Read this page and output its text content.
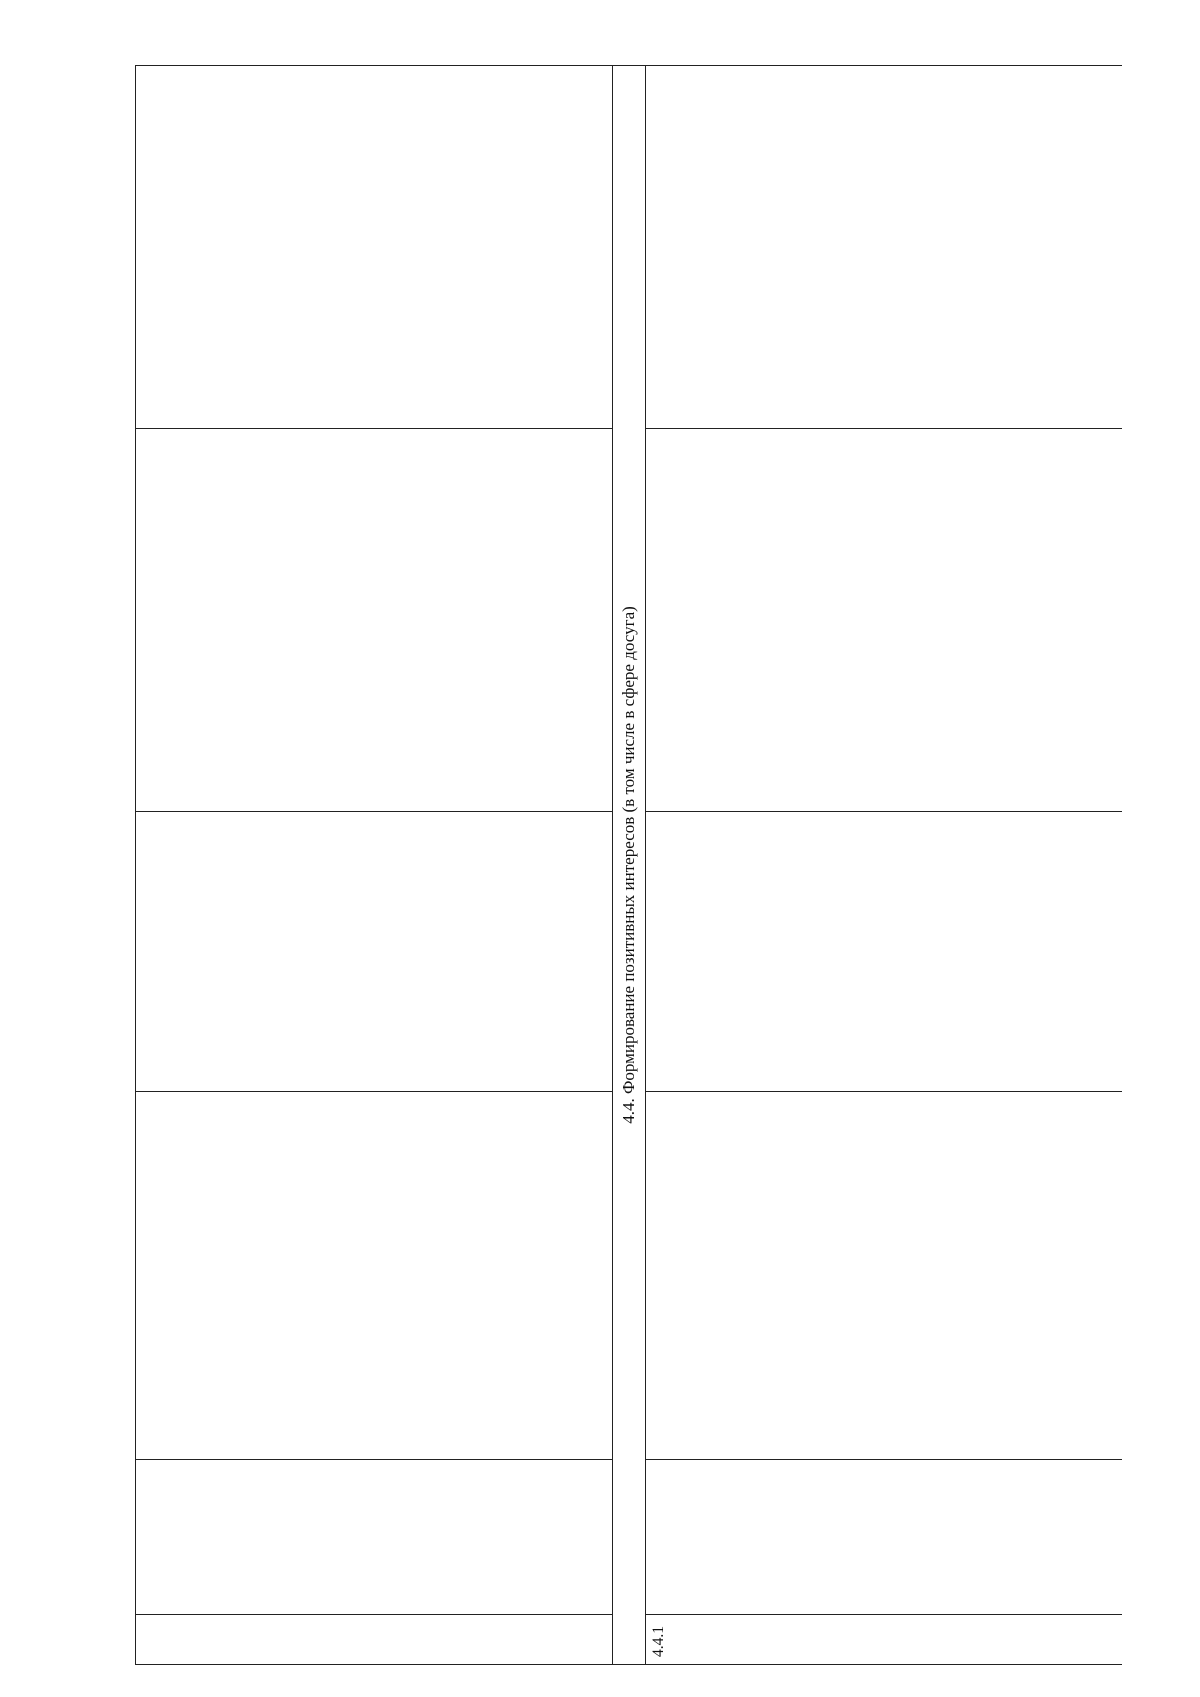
4.4. Формирование позитивных интересов (в том числе в сфере досуга)					
4.4.1					
